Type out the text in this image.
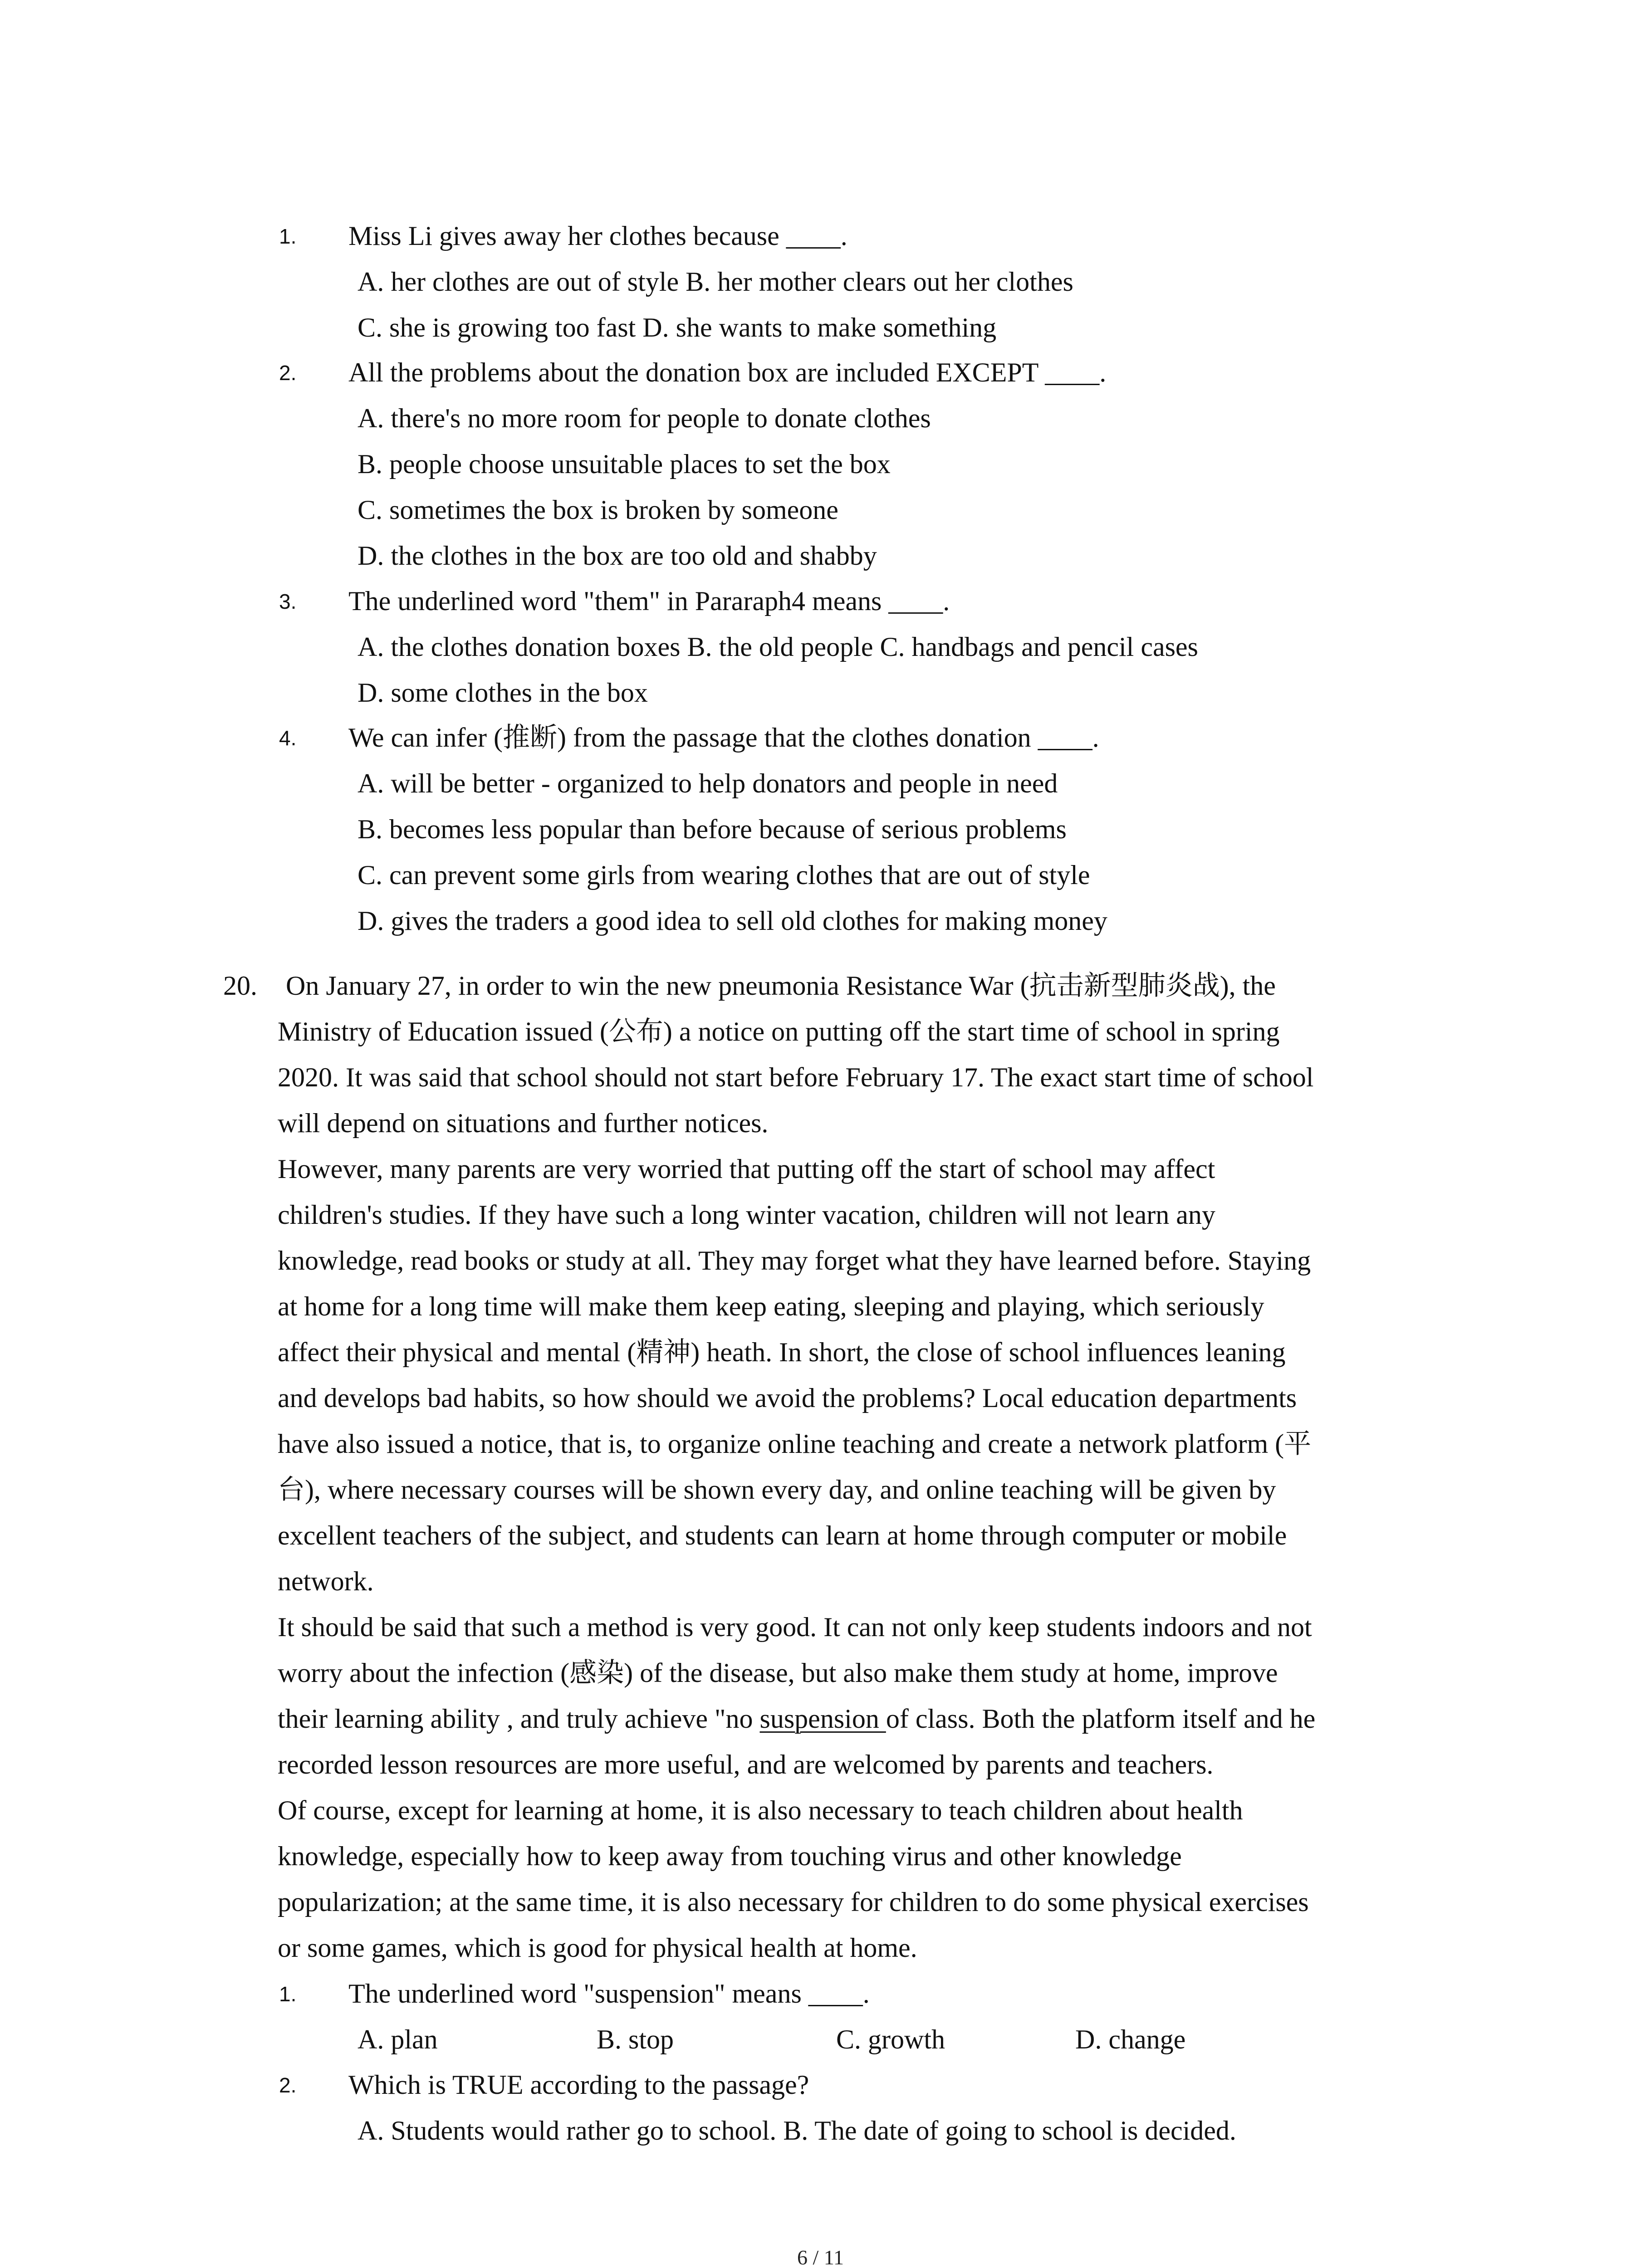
1. Miss Li gives away her clothes because ____.
A. her clothes are out of style B. her mother clears out her clothes
C. she is growing too fast D. she wants to make something
2. All the problems about the donation box are included EXCEPT ____.
A. there's no more room for people to donate clothes
B. people choose unsuitable places to set the box
C. sometimes the box is broken by someone
D. the clothes in the box are too old and shabby
3. The underlined word "them" in Pararaph4 means ____.
A. the clothes donation boxes B. the old people C. handbags and pencil cases
D. some clothes in the box
4. We can infer (推断) from the passage that the clothes donation ____.
A. will be better - organized to help donators and people in need
B. becomes less popular than before because of serious problems
C. can prevent some girls from wearing clothes that are out of style
D. gives the traders a good idea to sell old clothes for making money
20. On January 27, in order to win the new pneumonia Resistance War (抗击新型肺炎战), the
Ministry of Education issued (公布) a notice on putting off the start time of school in spring
2020. It was said that school should not start before February 17. The exact start time of school
will depend on situations and further notices.
However, many parents are very worried that putting off the start of school may affect
children's studies. If they have such a long winter vacation, children will not learn any
knowledge, read books or study at all. They may forget what they have learned before. Staying
at home for a long time will make them keep eating, sleeping and playing, which seriously
affect their physical and mental (精神) heath. In short, the close of school influences leaning
and develops bad habits, so how should we avoid the problems? Local education departments
have also issued a notice, that is, to organize online teaching and create a network platform (平
台), where necessary courses will be shown every day, and online teaching will be given by
excellent teachers of the subject, and students can learn at home through computer or mobile
network.
It should be said that such a method is very good. It can not only keep students indoors and not
worry about the infection (感染) of the disease, but also make them study at home, improve
their learning ability , and truly achieve "no suspension of class. Both the platform itself and he
recorded lesson resources are more useful, and are welcomed by parents and teachers.
Of course, except for learning at home, it is also necessary to teach children about health
knowledge, especially how to keep away from touching virus and other knowledge
popularization; at the same time, it is also necessary for children to do some physical exercises
or some games, which is good for physical health at home.
1. The underlined word "suspension" means ____.
A. plan	B. stop	C. growth	D. change
2. Which is TRUE according to the passage?
A. Students would rather go to school. B. The date of going to school is decided.
6 / 11
